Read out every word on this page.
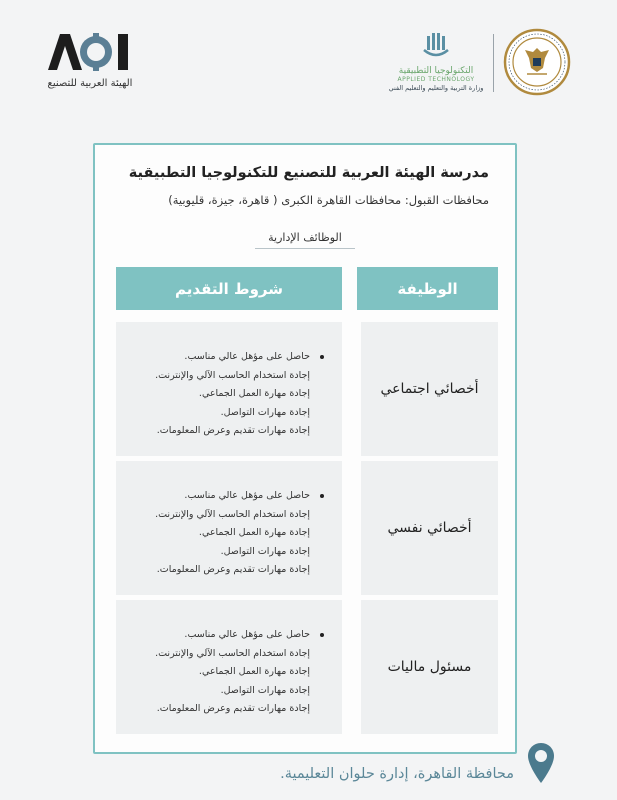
الهيئة العربية للتصنيع
التكنولوجيا التطبيقية
APPLIED TECHNOLOGY
وزارة التربية والتعليم والتعليم الفني
مدرسة الهيئة العربية للتصنيع للتكنولوجيا التطبيقية
محافظات القبول: محافظات القاهرة الكبرى ( قاهرة، جيزة، قليوبية)
الوظائف الإدارية
الوظيفة
شروط التقديم
أخصائي اجتماعي
حاصل على مؤهل عالي مناسب.
إجادة استخدام الحاسب الآلي والإنترنت.
إجادة مهارة العمل الجماعي.
إجادة مهارات التواصل.
إجادة مهارات تقديم وعرض المعلومات.
أخصائي نفسي
حاصل على مؤهل عالي مناسب.
إجادة استخدام الحاسب الآلي والإنترنت.
إجادة مهارة العمل الجماعي.
إجادة مهارات التواصل.
إجادة مهارات تقديم وعرض المعلومات.
مسئول ماليات
حاصل على مؤهل عالي مناسب.
إجادة استخدام الحاسب الآلي والإنترنت.
إجادة مهارة العمل الجماعي.
إجادة مهارات التواصل.
إجادة مهارات تقديم وعرض المعلومات.
محافظة القاهرة، إدارة حلوان التعليمية.
